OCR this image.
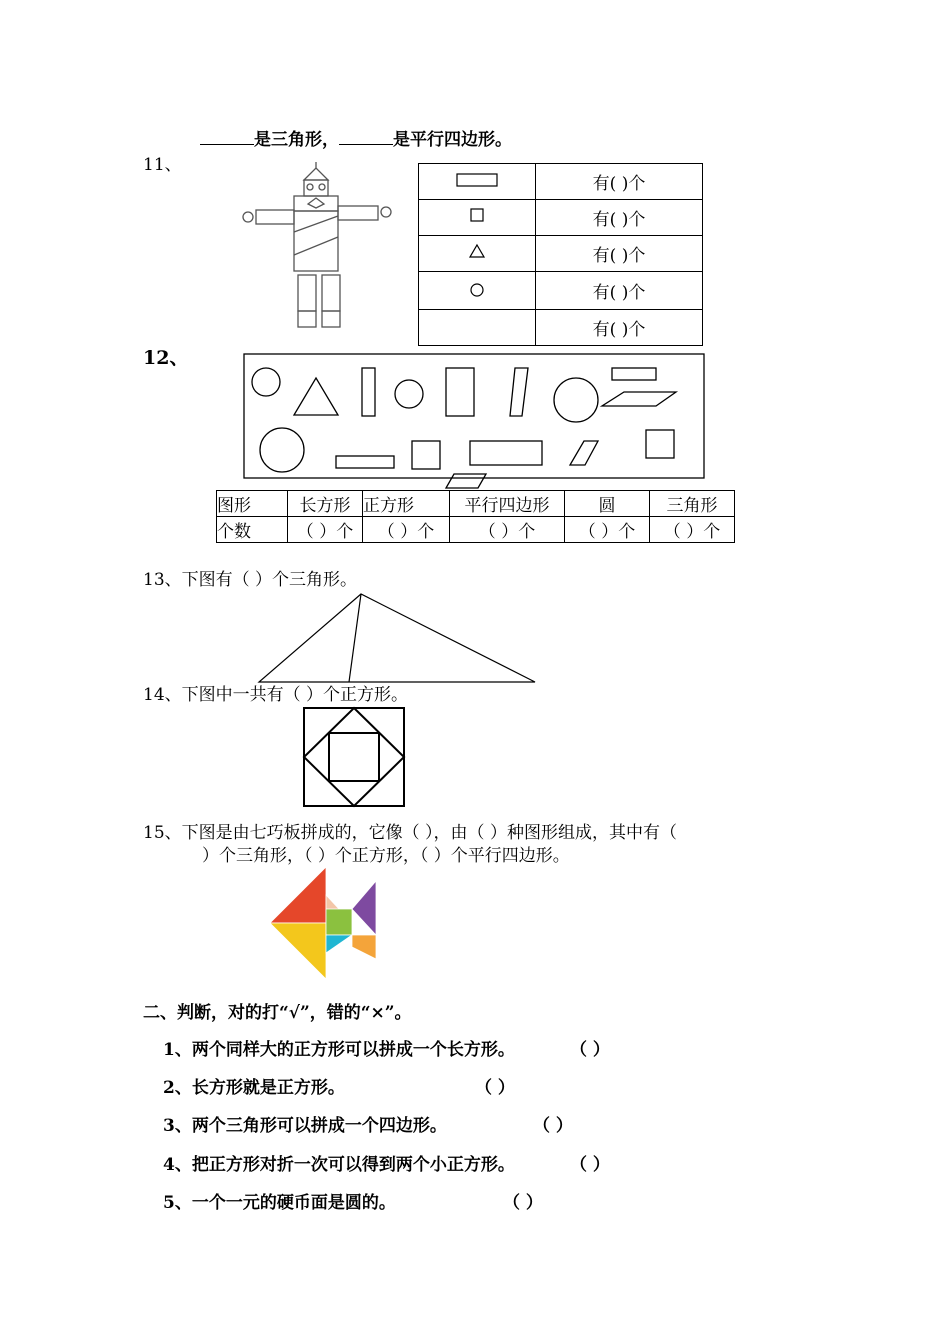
是三角形，	是平行四边形。
11、
	有( )个
	有( )个
	有( )个
	有( )个
	有( )个
12、
图形	长方形	正方形	平行四边形	圆	三角形
个数	（ ）个	（ ）个	（ ）个	（ ）个	（ ）个
13、下图有（ ）个三角形。
14、下图中一共有（ ）个正方形。
15、下图是由七巧板拼成的，它像（ ），由（ ）种图形组成，其中有（
）个三角形，（ ）个正方形，（ ）个平行四边形。
二、判断，对的打“√”，错的“×”。
1、两个同样大的正方形可以拼成一个长方形。	（ ）
2、长方形就是正方形。	（ ）
3、两个三角形可以拼成一个四边形。	（ ）
4、把正方形对折一次可以得到两个小正方形。	（ ）
5、一个一元的硬币面是圆的。	（ ）
